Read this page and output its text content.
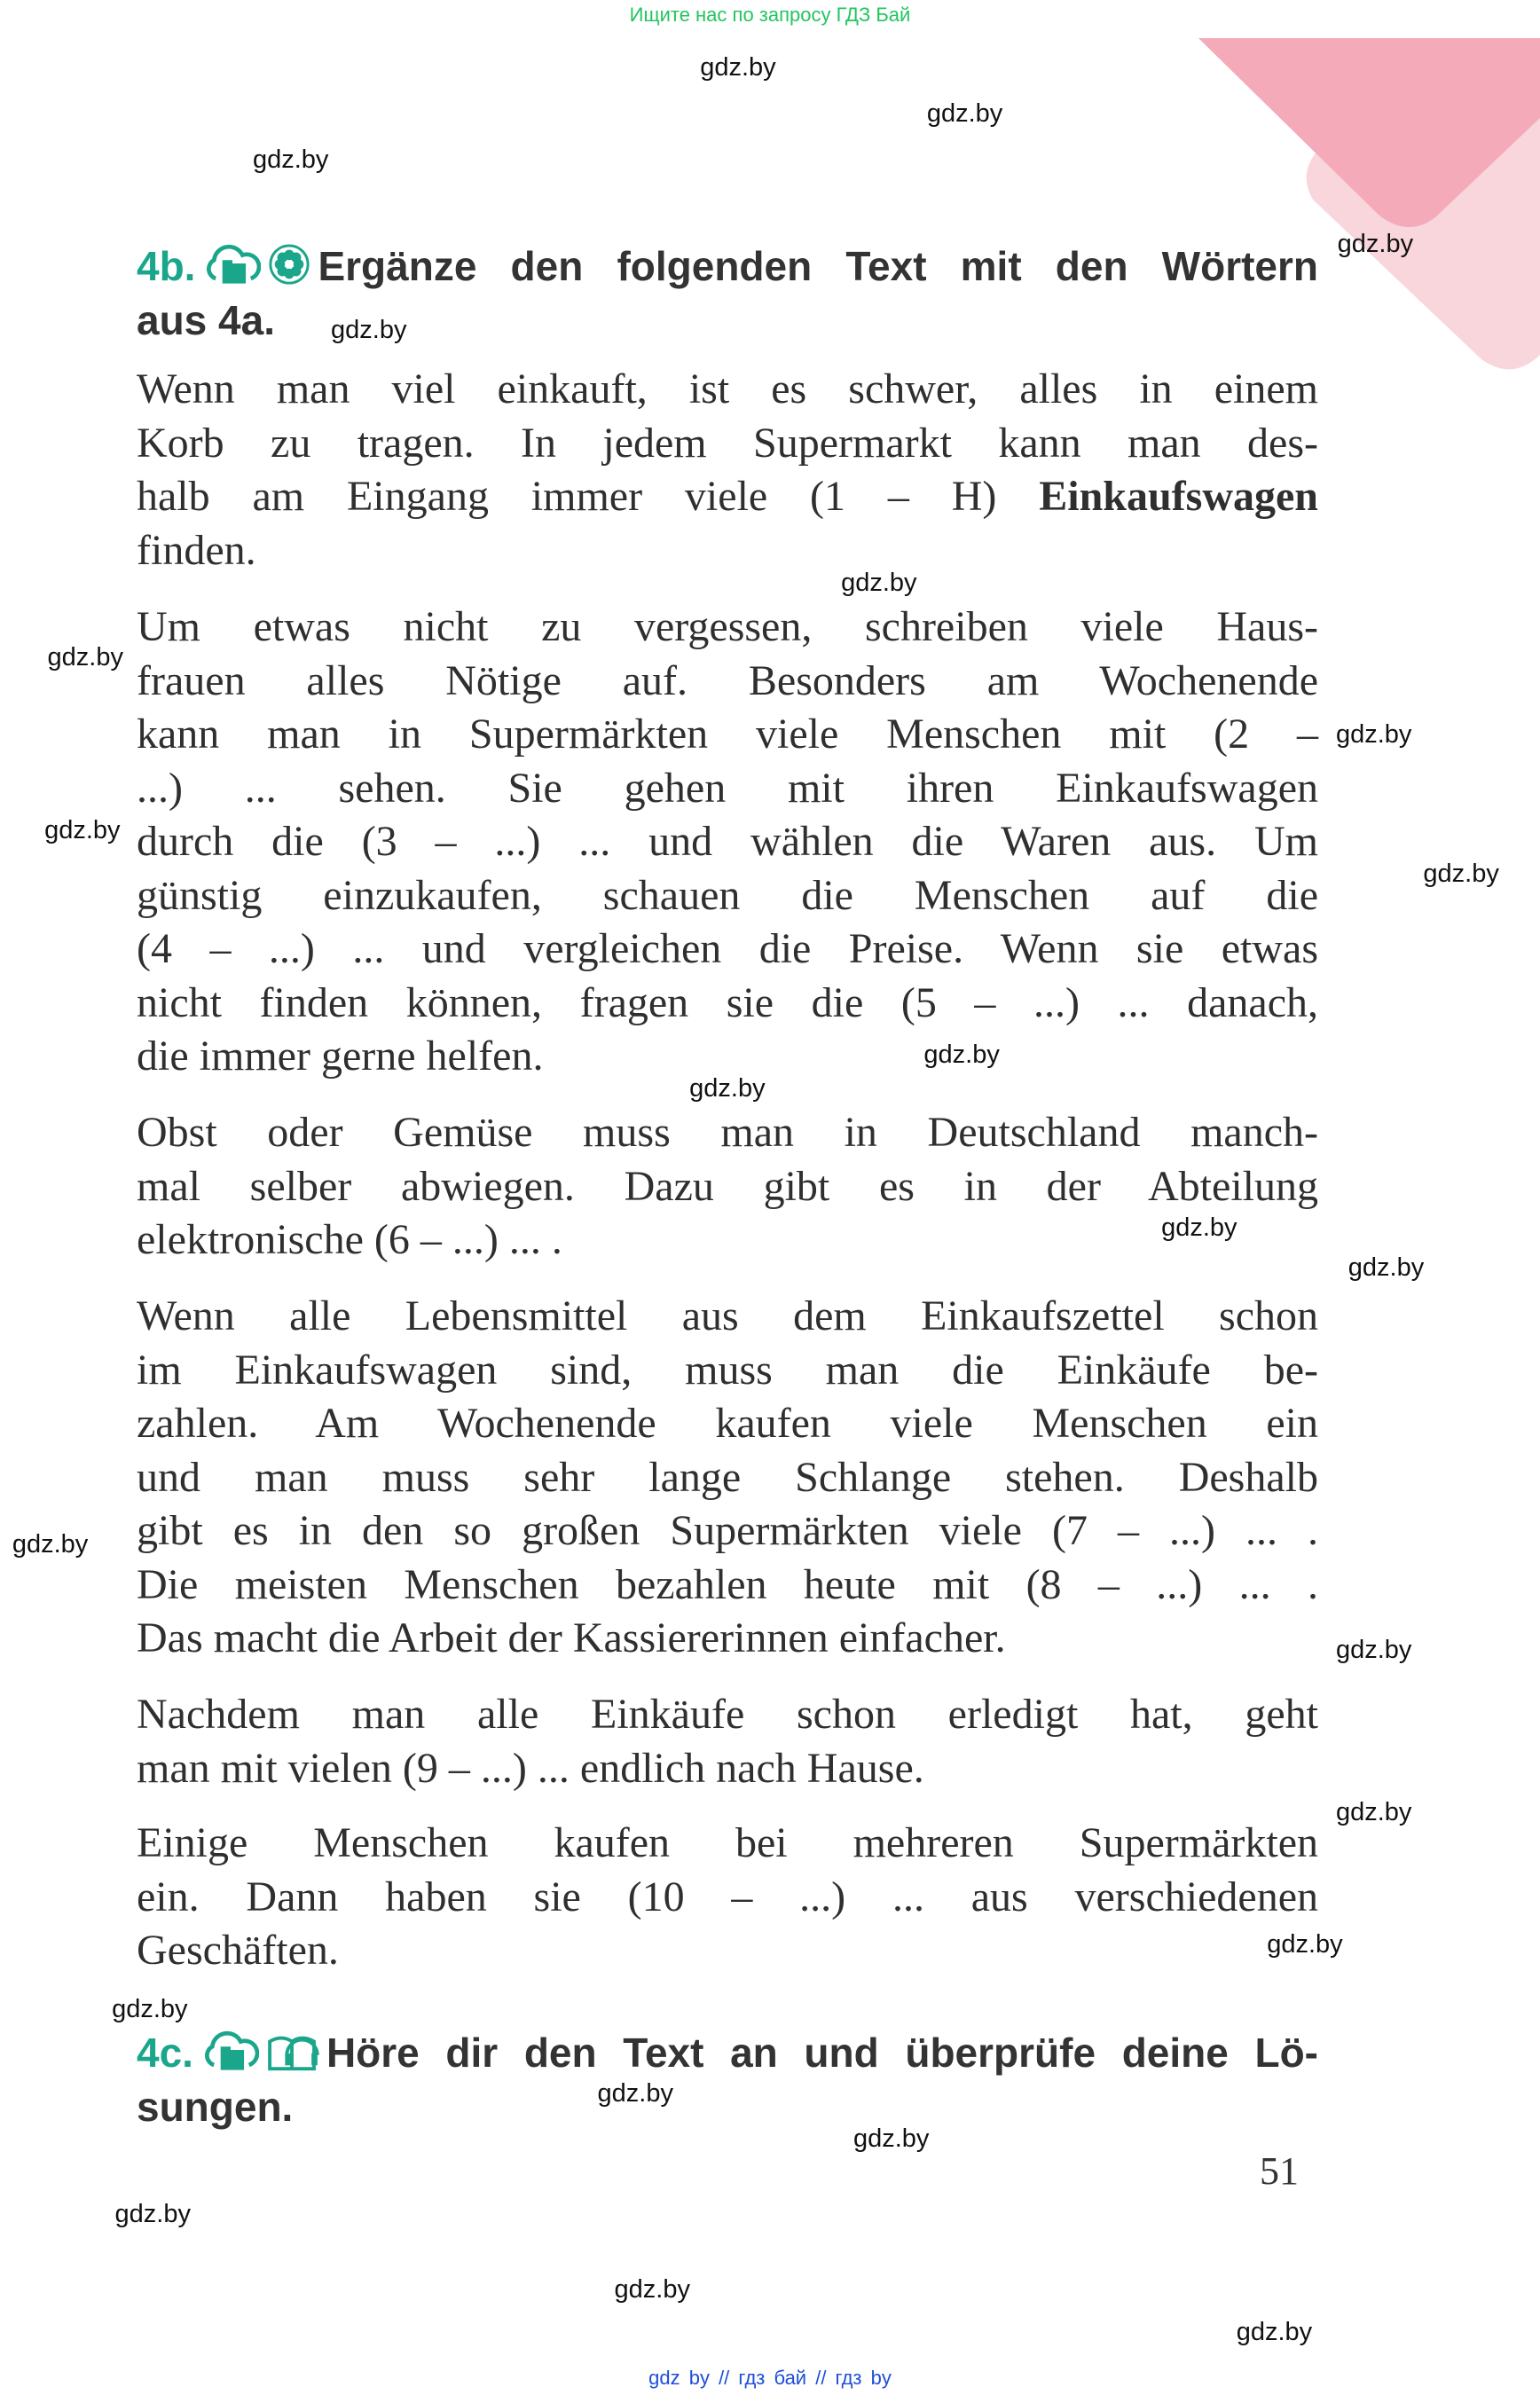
Ищите нас по запросу ГДЗ Бай
4b.	Ergänze den folgenden Text mit den Wörtern
aus 4a.
Wenn man viel einkauft, ist es schwer, alles in einem
Korb zu tragen. In jedem Supermarkt kann man des-
halb am Eingang immer viele (1 – H) Einkaufswagen
finden.
Um etwas nicht zu vergessen, schreiben viele Haus-
frauen alles Nötige auf. Besonders am Wochenende
kann man in Supermärkten viele Menschen mit (2 –
...) ... sehen. Sie gehen mit ihren Einkaufswagen
durch die (3 – ...) ... und wählen die Waren aus. Um
günstig einzukaufen, schauen die Menschen auf die
(4 – ...) ... und vergleichen die Preise. Wenn sie etwas
nicht finden können, fragen sie die (5 – ...) ... danach,
die immer gerne helfen.
Obst oder Gemüse muss man in Deutschland manch-
mal selber abwiegen. Dazu gibt es in der Abteilung
elektronische (6 – ...) ... .
Wenn alle Lebensmittel aus dem Einkaufszettel schon
im Einkaufswagen sind, muss man die Einkäufe be-
zahlen. Am Wochenende kaufen viele Menschen ein
und man muss sehr lange Schlange stehen. Deshalb
gibt es in den so großen Supermärkten viele (7 – ...) ... .
Die meisten Menschen bezahlen heute mit (8 – ...) ... .
Das macht die Arbeit der Kassiererinnen einfacher.
Nachdem man alle Einkäufe schon erledigt hat, geht
man mit vielen (9 – ...) ... endlich nach Hause.
Einige Menschen kaufen bei mehreren Supermärkten
ein. Dann haben sie (10 – ...) ... aus verschiedenen
Geschäften.
4c.	Höre dir den Text an und überprüfe deine Lö-
sungen.
51
gdz.by
gdz.by
gdz.by
gdz.by
gdz.by
gdz.by
gdz.by
gdz.by
gdz.by
gdz.by
gdz.by
gdz.by
gdz.by
gdz.by
gdz.by
gdz.by
gdz.by
gdz.by
gdz.by
gdz.by
gdz.by
gdz.by
gdz.by
gdz.by
gdz by // гдз бай // гдз by
